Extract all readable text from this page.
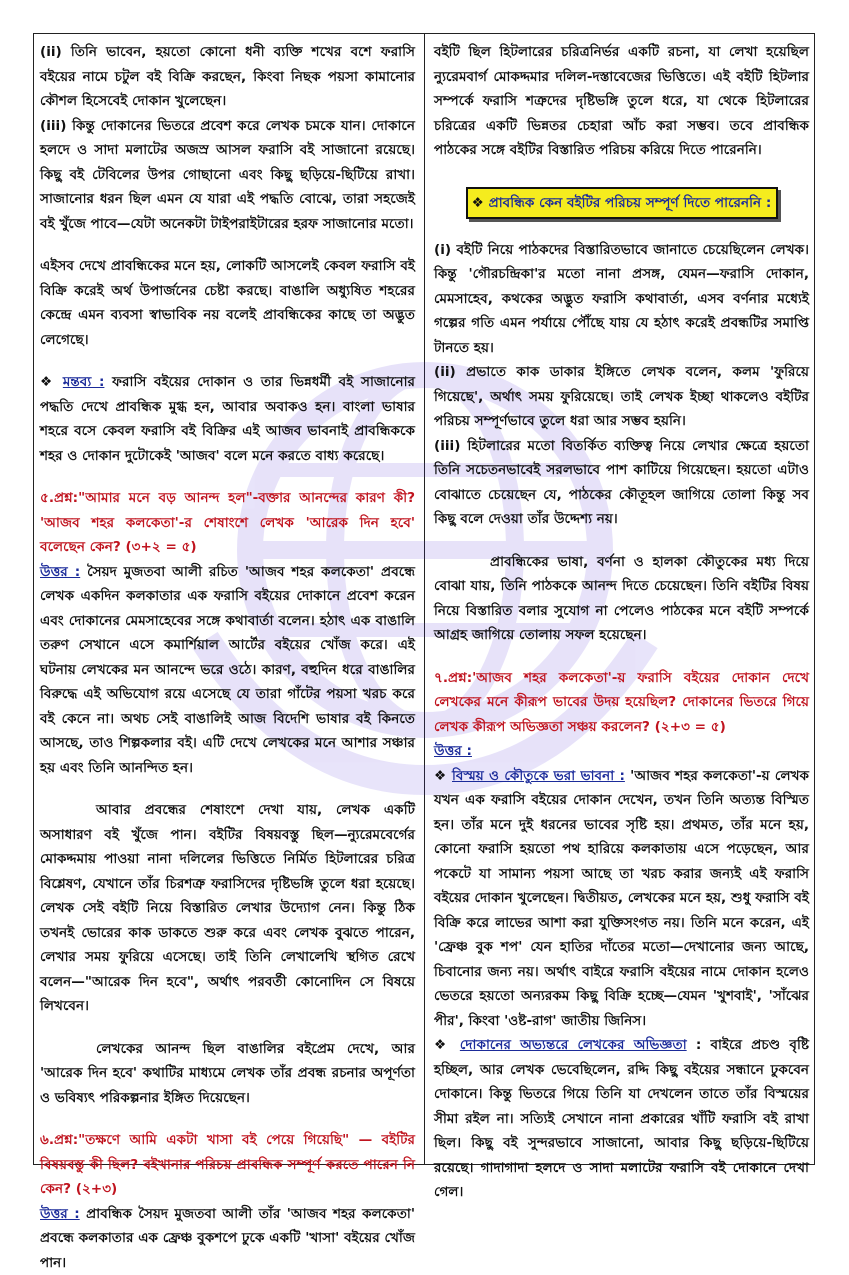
(ii) তিনি ভাবেন, হয়তো কোনো ধনী ব্যক্তি শখের বশে ফরাসি বইয়ের নামে চটুল বই বিক্রি করছেন, কিংবা নিছক পয়সা কামানোর কৌশল হিসেবেই দোকান খুলেছেন।

(iii) কিন্তু দোকানের ভিতরে প্রবেশ করে লেখক চমকে যান। দোকানে হলদে ও সাদা মলাটের অজস্র আসল ফরাসি বই সাজানো রয়েছে। কিছু বই টেবিলের উপর গোছানো এবং কিছু ছড়িয়ে-ছিটিয়ে রাখা। সাজানোর ধরন ছিল এমন যে যারা এই পদ্ধতি বোঝে, তারা সহজেই বই খুঁজে পাবে—যেটা অনেকটা টাইপরাইটারের হরফ সাজানোর মতো।

এইসব দেখে প্রাবন্ধিকের মনে হয়, লোকটি আসলেই কেবল ফরাসি বই বিক্রি করেই অর্থ উপার্জনের চেষ্টা করছে। বাঙালি অধ্যুষিত শহরের কেন্দ্রে এমন ব্যবসা স্বাভাবিক নয় বলেই প্রাবন্ধিকের কাছে তা অদ্ভুত লেগেছে।

❖ মন্তব্য : ফরাসি বইয়ের দোকান ও তার ভিন্নধর্মী বই সাজানোর পদ্ধতি দেখে প্রাবন্ধিক মুগ্ধ হন, আবার অবাকও হন। বাংলা ভাষার শহরে বসে কেবল ফরাসি বই বিক্রির এই আজব ভাবনাই প্রাবন্ধিককে শহর ও দোকান দুটোকেই 'আজব' বলে মনে করতে বাধ্য করেছে।

৫.প্রশ্ন:"আমার মনে বড় আনন্দ হল"-বক্তার আনন্দের কারণ কী? 'আজব শহর কলকেতা'-র শেষাংশে লেখক 'আরেক দিন হবে' বলেছেন কেন? (৩+২ = ৫)

উত্তর : সৈয়দ মুজতবা আলী রচিত 'আজব শহর কলকেতা' প্রবন্ধে লেখক একদিন কলকাতার এক ফরাসি বইয়ের দোকানে প্রবেশ করেন এবং দোকানের মেমসাহেবের সঙ্গে কথাবার্তা বলেন। হঠাৎ এক বাঙালি তরুণ সেখানে এসে কমার্শিয়াল আর্টের বইয়ের খোঁজ করে। এই ঘটনায় লেখকের মন আনন্দে ভরে ওঠে। কারণ, বহুদিন ধরে বাঙালির বিরুদ্ধে এই অভিযোগ রয়ে এসেছে যে তারা গাঁটের পয়সা খরচ করে বই কেনে না। অথচ সেই বাঙালিই আজ বিদেশি ভাষার বই কিনতে আসছে, তাও শিল্পকলার বই। এটি দেখে লেখকের মনে আশার সঞ্চার হয় এবং তিনি আনন্দিত হন।

আবার প্রবন্ধের শেষাংশে দেখা যায়, লেখক একটি অসাধারণ বই খুঁজে পান। বইটির বিষয়বস্তু ছিল—ন্যুরেমবের্গের মোকদ্দমায় পাওয়া নানা দলিলের ভিত্তিতে নির্মিত হিটলারের চরিত্র বিশ্লেষণ, যেখানে তাঁর চিরশত্রু ফরাসিদের দৃষ্টিভঙ্গি তুলে ধরা হয়েছে। লেখক সেই বইটি নিয়ে বিস্তারিত লেখার উদ্যোগ নেন। কিন্তু ঠিক তখনই ভোরের কাক ডাকতে শুরু করে এবং লেখক বুঝতে পারেন, লেখার সময় ফুরিয়ে এসেছে। তাই তিনি লেখালেখি স্থগিত রেখে বলেন—"আরেক দিন হবে", অর্থাৎ পরবর্তী কোনোদিন সে বিষয়ে লিখবেন।

লেখকের আনন্দ ছিল বাঙালির বইপ্রেম দেখে, আর 'আরেক দিন হবে' কথাটির মাধ্যমে লেখক তাঁর প্রবন্ধ রচনার অপূর্ণতা ও ভবিষ্যৎ পরিকল্পনার ইঙ্গিত দিয়েছেন।

৬.প্রশ্ন:"তক্ষণে আমি একটা খাসা বই পেয়ে গিয়েছি" — বইটির বিষয়বস্তু কী ছিল? বইখানার পরিচয় প্রাবন্ধিক সম্পূর্ণ করতে পারেন নি কেন? (২+৩)

উত্তর : প্রাবন্ধিক সৈয়দ মুজতবা আলী তাঁর 'আজব শহর কলকেতা' প্রবন্ধে কলকাতার এক ফ্রেঞ্চ বুকশপে ঢুকে একটি 'খাসা' বইয়ের খোঁজ পান।

বইটি ছিল হিটলারের চরিত্রনির্ভর একটি রচনা, যা লেখা হয়েছিল ন্যুরেমবার্গ মোকদ্দমার দলিল-দস্তাবেজের ভিত্তিতে। এই বইটি হিটলার সম্পর্কে ফরাসি শত্রুদের দৃষ্টিভঙ্গি তুলে ধরে, যা থেকে হিটলারের চরিত্রের একটি ভিন্নতর চেহারা আঁচ করা সম্ভব। তবে প্রাবন্ধিক পাঠকের সঙ্গে বইটির বিস্তারিত পরিচয় করিয়ে দিতে পারেননি।

❖ প্রাবন্ধিক কেন বইটির পরিচয় সম্পূর্ণ দিতে পারেননি :

(i) বইটি নিয়ে পাঠকদের বিস্তারিতভাবে জানাতে চেয়েছিলেন লেখক। কিন্তু 'গৌরচন্দ্রিকা'র মতো নানা প্রসঙ্গ, যেমন—ফরাসি দোকান, মেমসাহেব, কথকের অদ্ভুত ফরাসি কথাবার্তা, এসব বর্ণনার মধ্যেই গল্পের গতি এমন পর্যায়ে পৌঁছে যায় যে হঠাৎ করেই প্রবন্ধটির সমাপ্তি টানতে হয়।

(ii) প্রভাতে কাক ডাকার ইঙ্গিতে লেখক বলেন, কলম 'ফুরিয়ে গিয়েছে', অর্থাৎ সময় ফুরিয়েছে। তাই লেখক ইচ্ছা থাকলেও বইটির পরিচয় সম্পূর্ণভাবে তুলে ধরা আর সম্ভব হয়নি।

(iii) হিটলারের মতো বিতর্কিত ব্যক্তিত্ব নিয়ে লেখার ক্ষেত্রে হয়তো তিনি সচেতনভাবেই সরলভাবে পাশ কাটিয়ে গিয়েছেন। হয়তো এটাও বোঝাতে চেয়েছেন যে, পাঠকের কৌতূহল জাগিয়ে তোলা কিন্তু সব কিছু বলে দেওয়া তাঁর উদ্দেশ্য নয়।

প্রাবন্ধিকের ভাষা, বর্ণনা ও হালকা কৌতুকের মধ্য দিয়ে বোঝা যায়, তিনি পাঠককে আনন্দ দিতে চেয়েছেন। তিনি বইটির বিষয় নিয়ে বিস্তারিত বলার সুযোগ না পেলেও পাঠকের মনে বইটি সম্পর্কে আগ্রহ জাগিয়ে তোলায় সফল হয়েছেন।

৭.প্রশ্ন:'আজব শহর কলকেতা'-য় ফরাসি বইয়ের দোকান দেখে লেখকের মনে কীরূপ ভাবের উদয় হয়েছিল? দোকানের ভিতরে গিয়ে লেখক কীরূপ অভিজ্ঞতা সঞ্চয় করলেন? (২+৩ = ৫)

উত্তর :

❖ বিস্ময় ও কৌতুকে ভরা ভাবনা : 'আজব শহর কলকেতা'-য় লেখক যখন এক ফরাসি বইয়ের দোকান দেখেন, তখন তিনি অত্যন্ত বিস্মিত হন। তাঁর মনে দুই ধরনের ভাবের সৃষ্টি হয়। প্রথমত, তাঁর মনে হয়, কোনো ফরাসি হয়তো পথ হারিয়ে কলকাতায় এসে পড়েছেন, আর পকেটে যা সামান্য পয়সা আছে তা খরচ করার জন্যই এই ফরাসি বইয়ের দোকান খুলেছেন। দ্বিতীয়ত, লেখকের মনে হয়, শুধু ফরাসি বই বিক্রি করে লাভের আশা করা যুক্তিসংগত নয়। তিনি মনে করেন, এই 'ফ্রেঞ্চ বুক শপ' যেন হাতির দাঁতের মতো—দেখানোর জন্য আছে, চিবানোর জন্য নয়। অর্থাৎ বাইরে ফরাসি বইয়ের নামে দোকান হলেও ভেতরে হয়তো অন্যরকম কিছু বিক্রি হচ্ছে—যেমন 'খুশবাই', 'সাঁঝের পীর', কিংবা 'ওষ্ট-রাগ' জাতীয় জিনিস।

❖ দোকানের অভ্যন্তরে লেখকের অভিজ্ঞতা : বাইরে প্রচণ্ড বৃষ্টি হচ্ছিল, আর লেখক ভেবেছিলেন, রদ্দি কিছু বইয়ের সন্ধানে ঢুকবেন দোকানে। কিন্তু ভিতরে গিয়ে তিনি যা দেখলেন তাতে তাঁর বিস্ময়ের সীমা রইল না। সত্যিই সেখানে নানা প্রকারের খাঁটি ফরাসি বই রাখা ছিল। কিছু বই সুন্দরভাবে সাজানো, আবার কিছু ছড়িয়ে-ছিটিয়ে রয়েছে। গাদাগাদা হলদে ও সাদা মলাটের ফরাসি বই দোকানে দেখা গেল।
